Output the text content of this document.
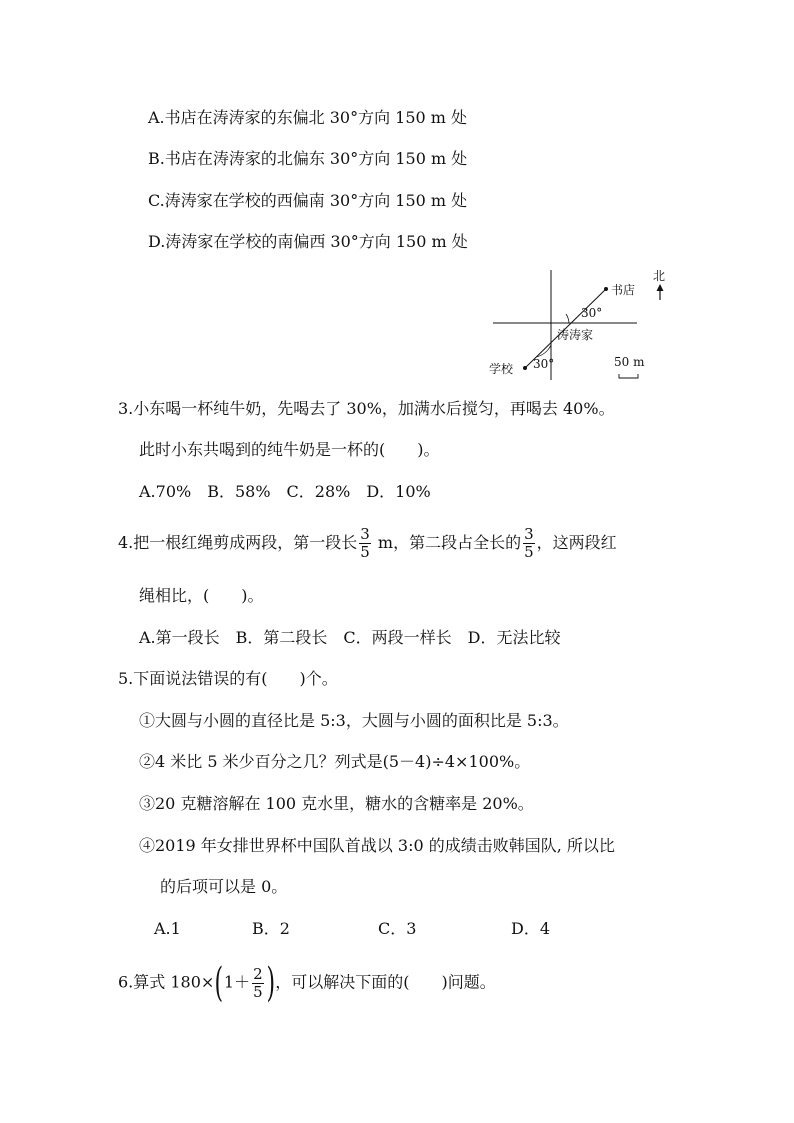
A.书店在涛涛家的东偏北 30°方向 150 m 处
B.书店在涛涛家的北偏东 30°方向 150 m 处
C.涛涛家在学校的西偏南 30°方向 150 m 处
D.涛涛家在学校的南偏西 30°方向 150 m 处
书店
30°
涛涛家
30°
学校
北
50 m
3.小东喝一杯纯牛奶，先喝去了 30%，加满水后搅匀，再喝去 40%。
此时小东共喝到的纯牛奶是一杯的(　　)。
A.70%　B．58%　C．28%　D．10%
4.把一根红绳剪成两段，第一段长 $\frac{3}{5}$ m，第二段占全长的 $\frac{3}{5}$ ，这两段红
绳相比，(　　)。
A.第一段长　B．第二段长　C．两段一样长　D．无法比较
5.下面说法错误的有(　　)个。
①大圆与小圆的直径比是 5:3，大圆与小圆的面积比是 5:3。
②4 米比 5 米少百分之几？列式是(5－4)÷4×100%。
③20 克糖溶解在 100 克水里，糖水的含糖率是 20%。
④2019 年女排世界杯中国队首战以 3:0 的成绩击败韩国队, 所以比
的后项可以是 0。
A.1	B．2	C．3	D．4
6.算式 $180\times(1+ \frac{2}{5}$ )，可以解决下面的(　　)问题。
